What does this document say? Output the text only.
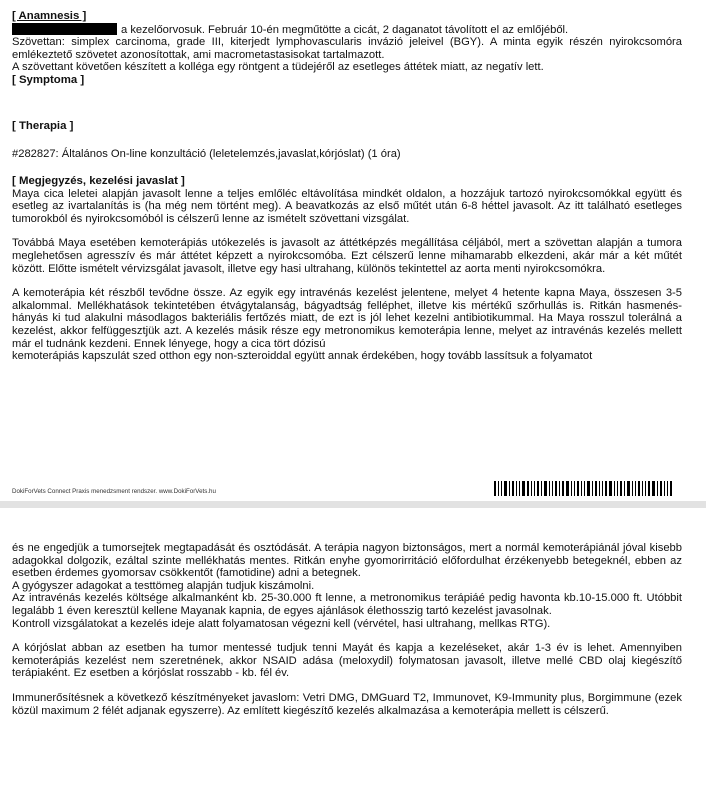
[ Anamnesis ]

a kezelőorvosuk. Február 10-én megműtötte a cicát, 2 daganatot távolított el az emlőjéből.

Szövettan: simplex carcinoma, grade III, kiterjedt lymphovascularis invázió jeleivel (BGY). A minta egyik részén nyirokcsomóra emlékeztető szövetet azonosítottak, ami macrometastasisokat tartalmazott.

A szövettant követően készített a kolléga egy röntgent a tüdejéről az esetleges áttétek miatt, az negatív lett.

[ Symptoma ]
[ Therapia ]

#282827: Általános On-line konzultáció (leletelemzés,javaslat,kórjóslat) (1 óra)

[ Megjegyzés, kezelési javaslat ]

Maya cica leletei alapján javasolt lenne a teljes emlőléc eltávolítása mindkét oldalon, a hozzájuk tartozó nyirokcsomókkal együtt és esetleg az ivartalanítás is (ha még nem történt meg). A beavatkozás az első műtét után 6-8 héttel javasolt. Az itt található esetleges tumorokból és nyirokcsomóból is célszerű lenne az ismételt szövettani vizsgálat.

Továbbá Maya esetében kemoterápiás utókezelés is javasolt az áttétképzés megállítása céljából, mert a szövettan alapján a tumora meglehetősen agresszív és már áttétet képzett a nyirokcsomóba. Ezt célszerű lenne mihamarabb elkezdeni, akár már a két műtét között. Előtte ismételt vérvizsgálat javasolt, illetve egy hasi ultrahang, különös tekintettel az aorta menti nyirokcsomókra.

A kemoterápia két részből tevődne össze. Az egyik egy intravénás kezelést jelentene, melyet 4 hetente kapna Maya, összesen 3-5 alkalommal. Mellékhatások tekintetében étvágytalanság, bágyadtság felléphet, illetve kis mértékű szőrhullás is. Ritkán hasmenés-hányás ki tud alakulni másodlagos bakteriális fertőzés miatt, de ezt is jól lehet kezelni antibiotikummal. Ha Maya rosszul tolerálná a kezelést, akkor felfüggesztjük azt. A kezelés másik része egy metronomikus kemoterápia lenne, melyet az intravénás kezelés mellett már el tudnánk kezdeni. Ennek lényege, hogy a cica tört dózisú

kemoterápiás kapszulát szed otthon egy non-szteroiddal együtt annak érdekében, hogy tovább lassítsuk a folyamatot

DokiForVets Connect Praxis menedzsment rendszer. www.DokiForVets.hu

és ne engedjük a tumorsejtek megtapadását és osztódását. A terápia nagyon biztonságos, mert a normál kemoterápiánál jóval kisebb adagokkal dolgozik, ezáltal szinte mellékhatás mentes. Ritkán enyhe gyomorirritáció előfordulhat érzékenyebb betegeknél, ebben az esetben érdemes gyomorsav csökkentőt (famotidine) adni a betegnek.

A gyógyszer adagokat a testtömeg alapján tudjuk kiszámolni.

Az intravénás kezelés költsége alkalmanként kb. 25-30.000 ft lenne, a metronomikus terápiáé pedig havonta kb.10-15.000 ft. Utóbbit legalább 1 éven keresztül kellene Mayanak kapnia, de egyes ajánlások élethosszig tartó kezelést javasolnak.

Kontroll vizsgálatokat a kezelés ideje alatt folyamatosan végezni kell (vérvétel, hasi ultrahang, mellkas RTG).

A kórjóslat abban az esetben ha tumor mentessé tudjuk tenni Mayát és kapja a kezeléseket, akár 1-3 év is lehet. Amennyiben kemoterápiás kezelést nem szeretnének, akkor NSAID adása (meloxydil) folymatosan javasolt, illetve mellé CBD olaj kiegészítő terápiaként. Ez esetben a kórjóslat rosszabb - kb. fél év.

Immunerősítésnek a következő készítményeket javaslom: Vetri DMG, DMGuard T2, Immunovet, K9-Immunity plus, Borgimmune (ezek közül maximum 2 félét adjanak egyszerre). Az említett kiegészítő kezelés alkalmazása a kemoterápia mellett is célszerű.
